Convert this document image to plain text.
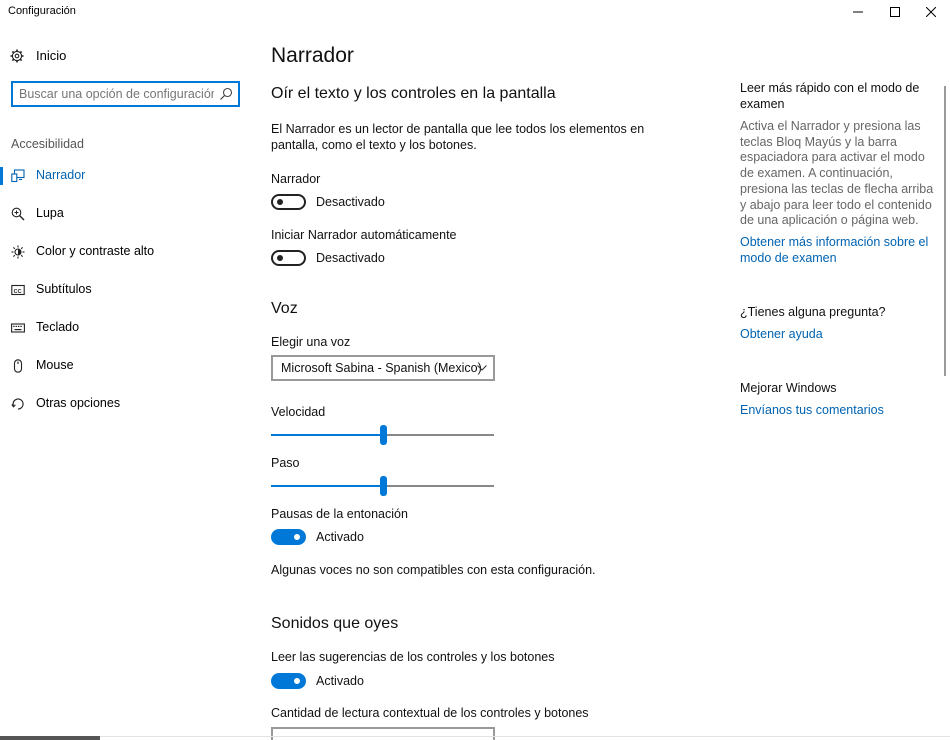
Configuración
Inicio
Buscar una opción de configuración
Accesibilidad
Narrador
Lupa
Color y contraste alto
CC Subtítulos
Teclado
Mouse
Otras opciones
Narrador
Oír el texto y los controles en la pantalla

El Narrador es un lector de pantalla que lee todos los elementos en pantalla, como el texto y los botones.

Narrador
Desactivado
Iniciar Narrador automáticamente
Desactivado
Voz
Elegir una voz
Microsoft Sabina - Spanish (Mexico)
Velocidad
Paso
Pausas de la entonación
Activado
Algunas voces no son compatibles con esta configuración.
Sonidos que oyes
Leer las sugerencias de los controles y los botones
Activado
Cantidad de lectura contextual de los controles y botones

Leer más rápido con el modo de examen

Activa el Narrador y presiona las teclas Bloq Mayús y la barra espaciadora para activar el modo de examen. A continuación, presiona las teclas de flecha arriba y abajo para leer todo el contenido de una aplicación o página web.

Obtener más información sobre el modo de examen

¿Tienes alguna pregunta?

Obtener ayuda

Mejorar Windows

Envíanos tus comentarios
